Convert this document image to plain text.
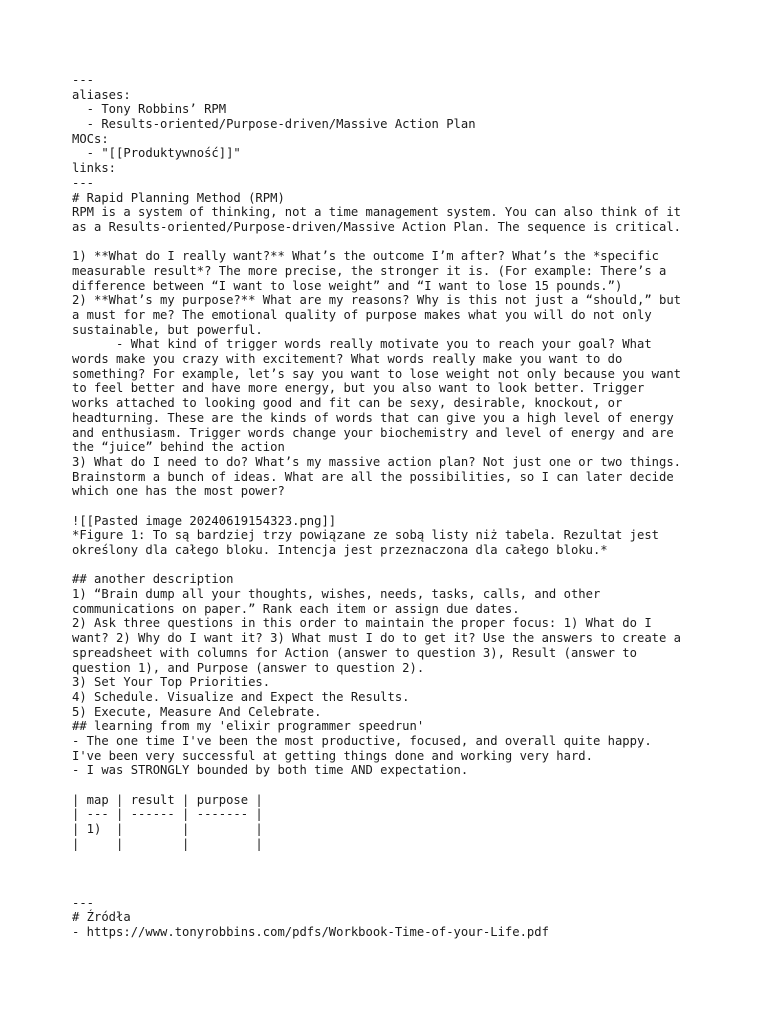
---
aliases:
- Tony Robbins’ RPM
- Results-oriented/Purpose-driven/Massive Action Plan
MOCs:
- "[[Produktywność]]"
links:
---
# Rapid Planning Method (RPM)
RPM is a system of thinking, not a time management system. You can also think of it
as a Results-oriented/Purpose-driven/Massive Action Plan. The sequence is critical.
1) **What do I really want?** What’s the outcome I’m after? What’s the *specific
measurable result*? The more precise, the stronger it is. (For example: There’s a
difference between “I want to lose weight” and “I want to lose 15 pounds.”)
2) **What’s my purpose?** What are my reasons? Why is this not just a “should,” but
a must for me? The emotional quality of purpose makes what you will do not only
sustainable, but powerful.
- What kind of trigger words really motivate you to reach your goal? What
words make you crazy with excitement? What words really make you want to do
something? For example, let’s say you want to lose weight not only because you want
to feel better and have more energy, but you also want to look better. Trigger
works attached to looking good and fit can be sexy, desirable, knockout, or
headturning. These are the kinds of words that can give you a high level of energy
and enthusiasm. Trigger words change your biochemistry and level of energy and are
the “juice” behind the action
3) What do I need to do? What’s my massive action plan? Not just one or two things.
Brainstorm a bunch of ideas. What are all the possibilities, so I can later decide
which one has the most power?
![[Pasted image 20240619154323.png]]
*Figure 1: To są bardziej trzy powiązane ze sobą listy niż tabela. Rezultat jest
określony dla całego bloku. Intencja jest przeznaczona dla całego bloku.*
## another description
1) “Brain dump all your thoughts, wishes, needs, tasks, calls, and other
communications on paper.” Rank each item or assign due dates.
2) Ask three questions in this order to maintain the proper focus: 1) What do I
want? 2) Why do I want it? 3) What must I do to get it? Use the answers to create a
spreadsheet with columns for Action (answer to question 3), Result (answer to
question 1), and Purpose (answer to question 2).
3) Set Your Top Priorities.
4) Schedule. Visualize and Expect the Results.
5) Execute, Measure And Celebrate.
## learning from my 'elixir programmer speedrun'
- The one time I've been the most productive, focused, and overall quite happy.
I've been very successful at getting things done and working very hard.
- I was STRONGLY bounded by both time AND expectation.
| map | result | purpose |
| --- | ------ | ------- |
| 1)  |        |         |
|     |        |         |
---
# Źródła
- https://www.tonyrobbins.com/pdfs/Workbook-Time-of-your-Life.pdf
